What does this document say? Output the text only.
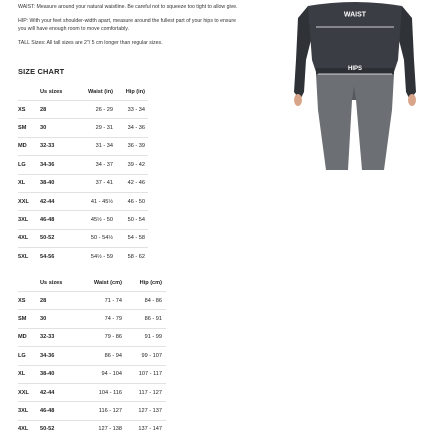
WAIST: Measure around your natural waistline. Be careful not to squeeze too tight to allow give.

HIP: With your feet shoulder-width apart, measure around the fullest part of your hips to ensure you will have enough room to move comfortably.

TALL Sizes: All tall sizes are 2"/ 5 cm longer than regular sizes.

SIZE CHART
	Us sizes	Waist (in)	Hip (in)
XS	28	26 - 29	33 - 34
SM	30	29 - 31	34 - 36
MD	32-33	31 - 34	36 - 39
LG	34-36	34 - 37	39 - 42
XL	38-40	37 - 41	42 - 46
XXL	42-44	41 - 45½	46 - 50
3XL	46-48	45½ - 50	50 - 54
4XL	50-52	50 - 54½	54 - 58
5XL	54-56	54½ - 59	58 - 62
	Us sizes	Waist (cm)	Hip (cm)
XS	28	71 - 74	84 - 86
SM	30	74 - 79	86 - 91
MD	32-33	79 - 86	91 - 99
LG	34-36	86 - 94	99 - 107
XL	38-40	94 - 104	107 - 117
XXL	42-44	104 - 116	117 - 127
3XL	46-48	116 - 127	127 - 137
4XL	50-52	127 - 138	137 - 147
WAIST
HIPS
